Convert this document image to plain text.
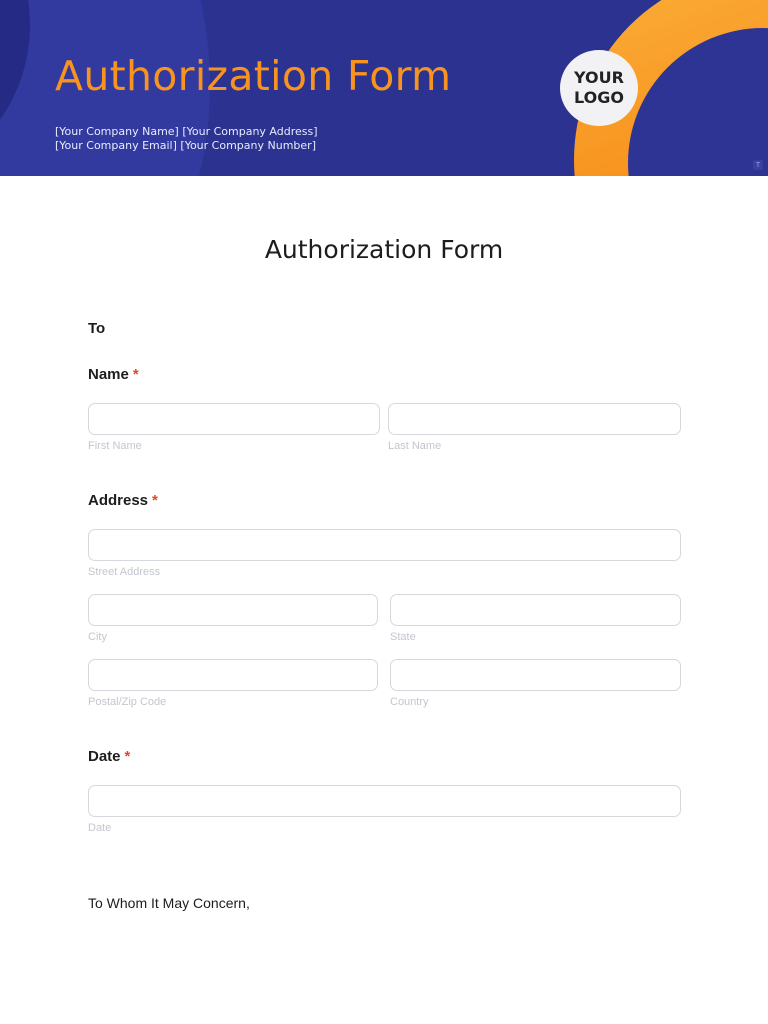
Authorization Form
[Your Company Name] [Your Company Address]
[Your Company Email] [Your Company Number]
YOUR
LOGO
T
Authorization Form
To
Name *
First Name	Last Name
Address *
Street Address
City	State
Postal/Zip Code	Country
Date *
Date
To Whom It May Concern,
